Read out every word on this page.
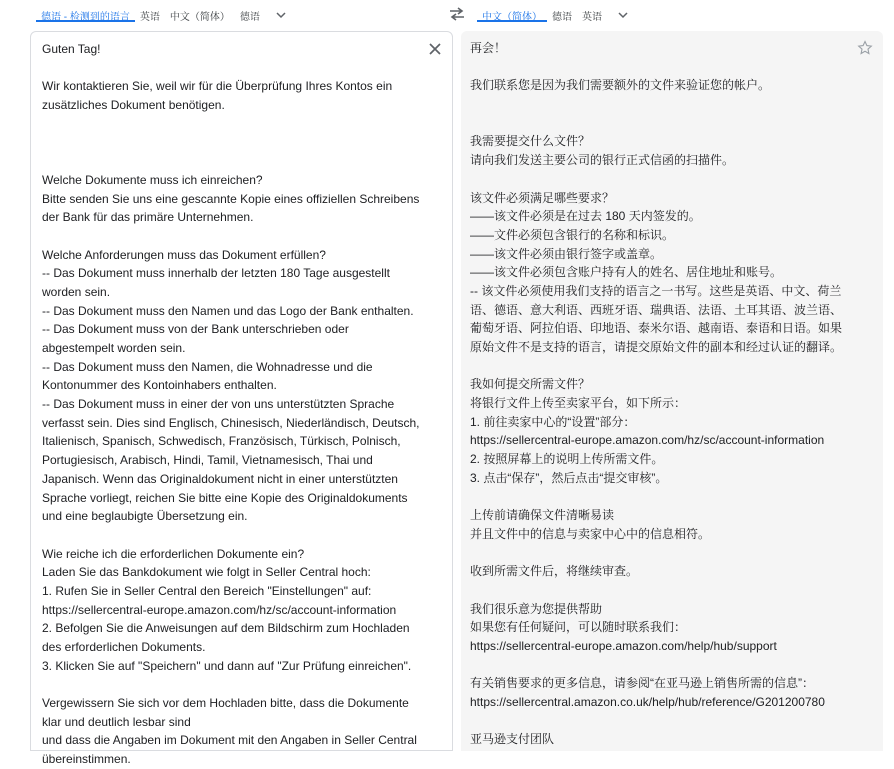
德语 - 检测到的语言	英语	中文（简体）	德语	中文（简体）	德语	英语
Guten Tag!
Wir kontaktieren Sie, weil wir für die Überprüfung Ihres Kontos ein
zusätzliches Dokument benötigen.
Welche Dokumente muss ich einreichen?
Bitte senden Sie uns eine gescannte Kopie eines offiziellen Schreibens
der Bank für das primäre Unternehmen.
Welche Anforderungen muss das Dokument erfüllen?
-- Das Dokument muss innerhalb der letzten 180 Tage ausgestellt
worden sein.
-- Das Dokument muss den Namen und das Logo der Bank enthalten.
-- Das Dokument muss von der Bank unterschrieben oder
abgestempelt worden sein.
-- Das Dokument muss den Namen, die Wohnadresse und die
Kontonummer des Kontoinhabers enthalten.
-- Das Dokument muss in einer der von uns unterstützten Sprache
verfasst sein. Dies sind Englisch, Chinesisch, Niederländisch, Deutsch,
Italienisch, Spanisch, Schwedisch, Französisch, Türkisch, Polnisch,
Portugiesisch, Arabisch, Hindi, Tamil, Vietnamesisch, Thai und
Japanisch. Wenn das Originaldokument nicht in einer unterstützten
Sprache vorliegt, reichen Sie bitte eine Kopie des Originaldokuments
und eine beglaubigte Übersetzung ein.
Wie reiche ich die erforderlichen Dokumente ein?
Laden Sie das Bankdokument wie folgt in Seller Central hoch:
1. Rufen Sie in Seller Central den Bereich "Einstellungen" auf:
https://sellercentral-europe.amazon.com/hz/sc/account-information
2. Befolgen Sie die Anweisungen auf dem Bildschirm zum Hochladen
des erforderlichen Dokuments.
3. Klicken Sie auf "Speichern" und dann auf "Zur Prüfung einreichen".
Vergewissern Sie sich vor dem Hochladen bitte, dass die Dokumente
klar und deutlich lesbar sind
und dass die Angaben im Dokument mit den Angaben in Seller Central
übereinstimmen.
再会！
我们联系您是因为我们需要额外的文件来验证您的帐户。
我需要提交什么文件？
请向我们发送主要公司的银行正式信函的扫描件。
该文件必须满足哪些要求？
——该文件必须是在过去 180 天内签发的。
——文件必须包含银行的名称和标识。
——该文件必须由银行签字或盖章。
——该文件必须包含账户持有人的姓名、居住地址和账号。
-- 该文件必须使用我们支持的语言之一书写。这些是英语、中文、荷兰
语、德语、意大利语、西班牙语、瑞典语、法语、土耳其语、波兰语、
葡萄牙语、阿拉伯语、印地语、泰米尔语、越南语、泰语和日语。如果
原始文件不是支持的语言，请提交原始文件的副本和经过认证的翻译。
我如何提交所需文件？
将银行文件上传至卖家平台，如下所示：
1. 前往卖家中心的“设置”部分：
https://sellercentral-europe.amazon.com/hz/sc/account-information
2. 按照屏幕上的说明上传所需文件。
3. 点击“保存”，然后点击“提交审核”。
上传前请确保文件清晰易读
并且文件中的信息与卖家中心中的信息相符。
收到所需文件后，将继续审查。
我们很乐意为您提供帮助
如果您有任何疑问，可以随时联系我们：
https://sellercentral-europe.amazon.com/help/hub/support
有关销售要求的更多信息，请参阅“在亚马逊上销售所需的信息”：
https://sellercentral.amazon.co.uk/help/hub/reference/G201200780
亚马逊支付团队
